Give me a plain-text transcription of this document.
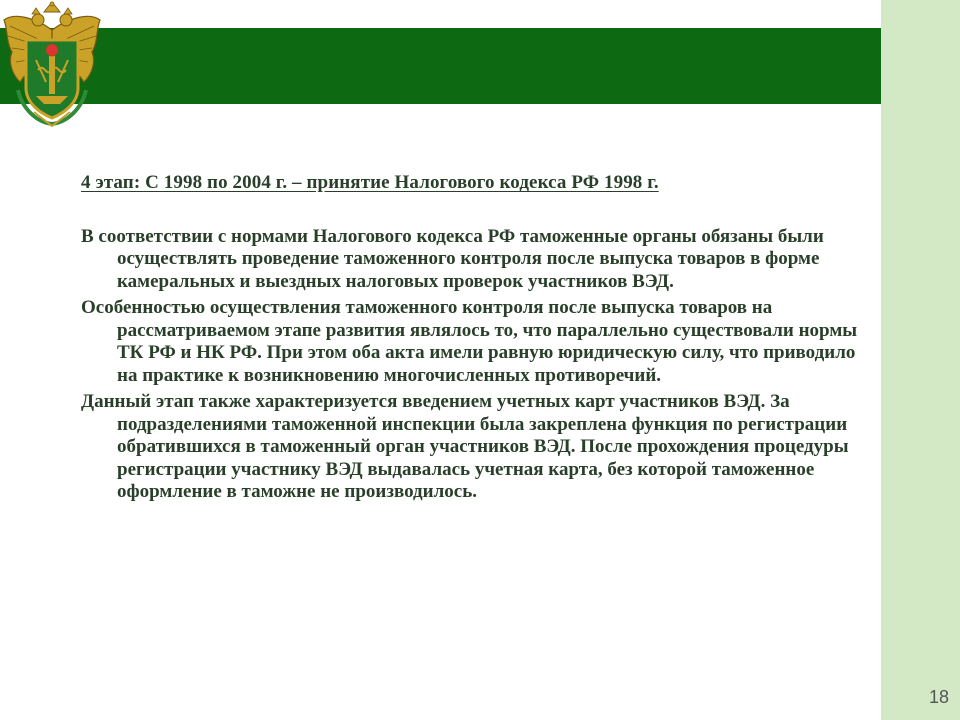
4 этап: С 1998 по 2004 г. – принятие Налогового кодекса РФ 1998 г.

В соответствии с нормами Налогового кодекса РФ таможенные органы обязаны были осуществлять проведение таможенного контроля после выпуска товаров в форме камеральных и выездных налоговых проверок участников ВЭД.

Особенностью осуществления таможенного контроля после выпуска товаров на рассматриваемом этапе развития являлось то, что параллельно существовали нормы ТК РФ и НК РФ. При этом оба акта имели равную юридическую силу, что приводило на практике к возникновению многочисленных противоречий.

Данный этап также характеризуется введением учетных карт участников ВЭД. За подразделениями таможенной инспекции была закреплена функция по регистрации обратившихся в таможенный орган участников ВЭД. После прохождения процедуры регистрации участнику ВЭД выдавалась учетная карта, без которой таможенное оформление в таможне не производилось.

18
